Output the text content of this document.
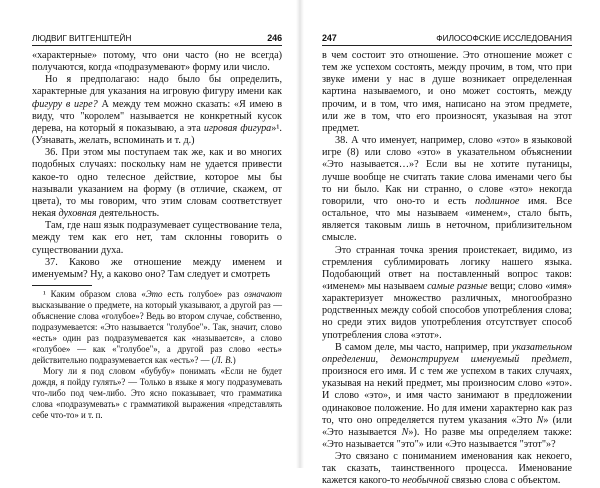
ЛЮДВИГ ВИТГЕНШТЕЙН	246

«характерные» потому, что они часто (но не всегда) получаются, когда «подразумевают» форму или число.

Но я предполагаю: надо было бы определить, характерные для указания на игровую фигуру имени как фигуру в игре? А между тем можно сказать: «Я имею в виду, что "королем" называется не конкретный кусок дерева, на который я показываю, а эта игровая фигура»¹. (Узнавать, желать, вспоминать и т. д.)

36. При этом мы поступаем так же, как и во многих подобных случаях: поскольку нам не удается привести какое-то одно телесное действие, которое мы бы называли указанием на форму (в отличие, скажем, от цвета), то мы говорим, что этим словам соответствует некая духовная деятельность.

Там, где наш язык подразумевает существование тела, между тем как его нет, там склонны говорить о существовании духа.

37. Каково же отношение между именем и именуемым? Ну, а каково оно? Там следует и смотреть

¹ Каким образом слова «Это есть голубое» раз означают высказывание о предмете, на который указывают, а другой раз — объяснение слова «голубое»? Ведь во втором случае, собственно, подразумевается: «Это называется "голубое"». Так, значит, слово «есть» один раз подразумевается как «называется», а слово «голубое» — как «"голубое"», а другой раз слово «есть» действительно подразумевается как «есть»? — (Л. В.)

Могу ли я под словом «бубубу» понимать «Если не будет дождя, я пойду гулять»? — Только в языке я могу подразумевать что-либо под чем-либо. Это ясно показывает, что грамматика слова «подразумевать» с грамматикой выражения «представлять себе что-то» и т. п.

247	ФИЛОСОФСКИЕ ИССЛЕДОВАНИЯ

в чем состоит это отношение. Это отношение может с тем же успехом состоять, между прочим, в том, что при звуке имени у нас в душе возникает определенная картина называемого, и оно может состоять, между прочим, и в том, что имя, написано на этом предмете, или же в том, что его произносят, указывая на этот предмет.

38. А что именует, например, слово «это» в языковой игре (8) или слово «это» в указательном объяснении «Это называется…»? Если вы не хотите путаницы, лучше вообще не считать такие слова именами чего бы то ни было. Как ни странно, о слове «это» некогда говорили, что оно-то и есть подлинное имя. Все остальное, что мы называем «именем», стало быть, является таковым лишь в неточном, приблизительном смысле.

Это странная точка зрения проистекает, видимо, из стремления сублимировать логику нашего языка. Подобающий ответ на поставленный вопрос таков: «именем» мы называем самые разные вещи; слово «имя» характеризует множество различных, многообразно родственных между собой способов употребления слова; но среди этих видов употребления отсутствует способ употребления слова «этот».

В самом деле, мы часто, например, при указательном определении, демонстрируем именуемый предмет, произнося его имя. И с тем же успехом в таких случаях, указывая на некий предмет, мы произносим слово «это». И слово «это», и имя часто занимают в предложении одинаковое положение. Но для имени характерно как раз то, что оно определяется путем указания «Это N» (или «Это называется N»). Но разве мы определяем также: «Это называется "это"» или «Это называется "этот"»?

Это связано с пониманием именования как некоего, так сказать, таинственного процесса. Именование кажется какого-то необычной связью слова с объектом.
